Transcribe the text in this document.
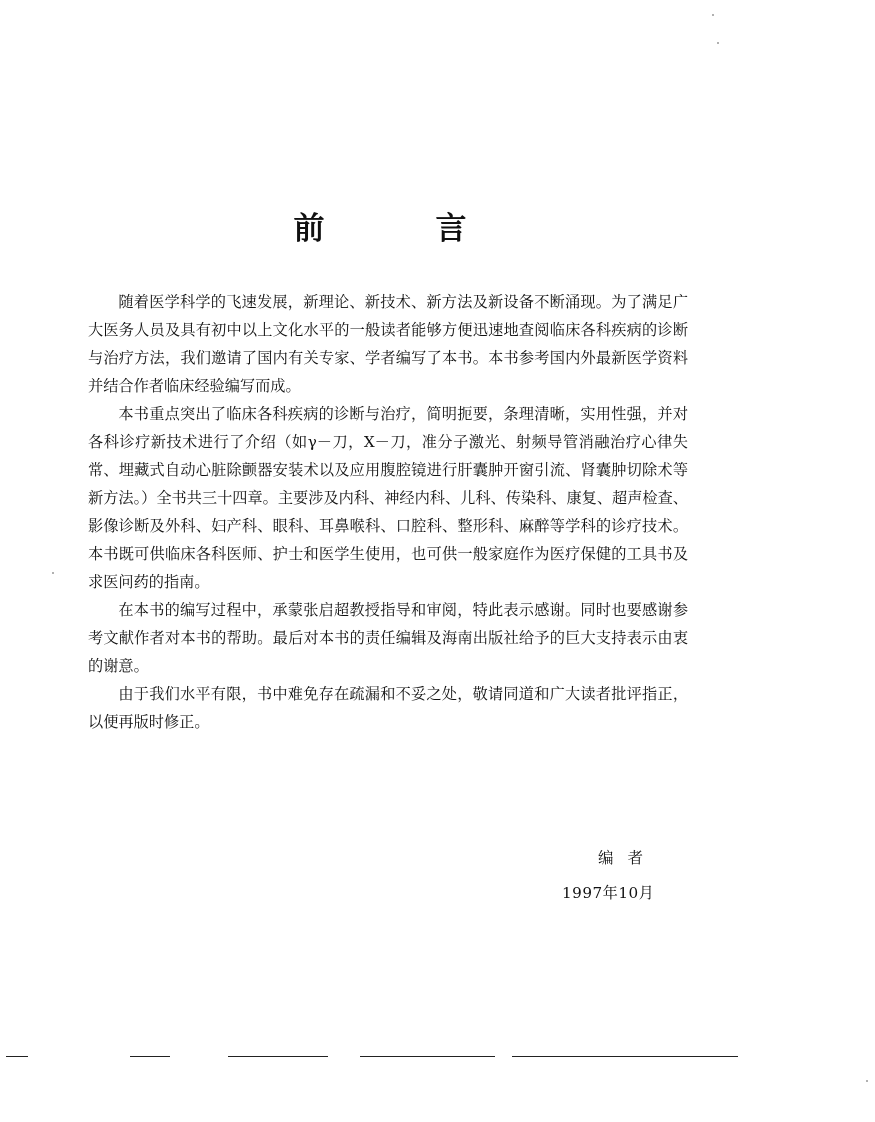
前　言

随着医学科学的飞速发展，新理论、新技术、新方法及新设备不断涌现。为了满足广大医务人员及具有初中以上文化水平的一般读者能够方便迅速地查阅临床各科疾病的诊断与治疗方法，我们邀请了国内有关专家、学者编写了本书。本书参考国内外最新医学资料并结合作者临床经验编写而成。

本书重点突出了临床各科疾病的诊断与治疗，简明扼要，条理清晰，实用性强，并对各科诊疗新技术进行了介绍（如γ－刀，X－刀，准分子激光、射频导管消融治疗心律失常、埋藏式自动心脏除颤器安装术以及应用腹腔镜进行肝囊肿开窗引流、肾囊肿切除术等新方法。）全书共三十四章。主要涉及内科、神经内科、儿科、传染科、康复、超声检查、影像诊断及外科、妇产科、眼科、耳鼻喉科、口腔科、整形科、麻醉等学科的诊疗技术。本书既可供临床各科医师、护士和医学生使用，也可供一般家庭作为医疗保健的工具书及求医问药的指南。

在本书的编写过程中，承蒙张启超教授指导和审阅，特此表示感谢。同时也要感谢参考文献作者对本书的帮助。最后对本书的责任编辑及海南出版社给予的巨大支持表示由衷的谢意。

由于我们水平有限，书中难免存在疏漏和不妥之处，敬请同道和广大读者批评指正，以便再版时修正。

编者
1997年10月
